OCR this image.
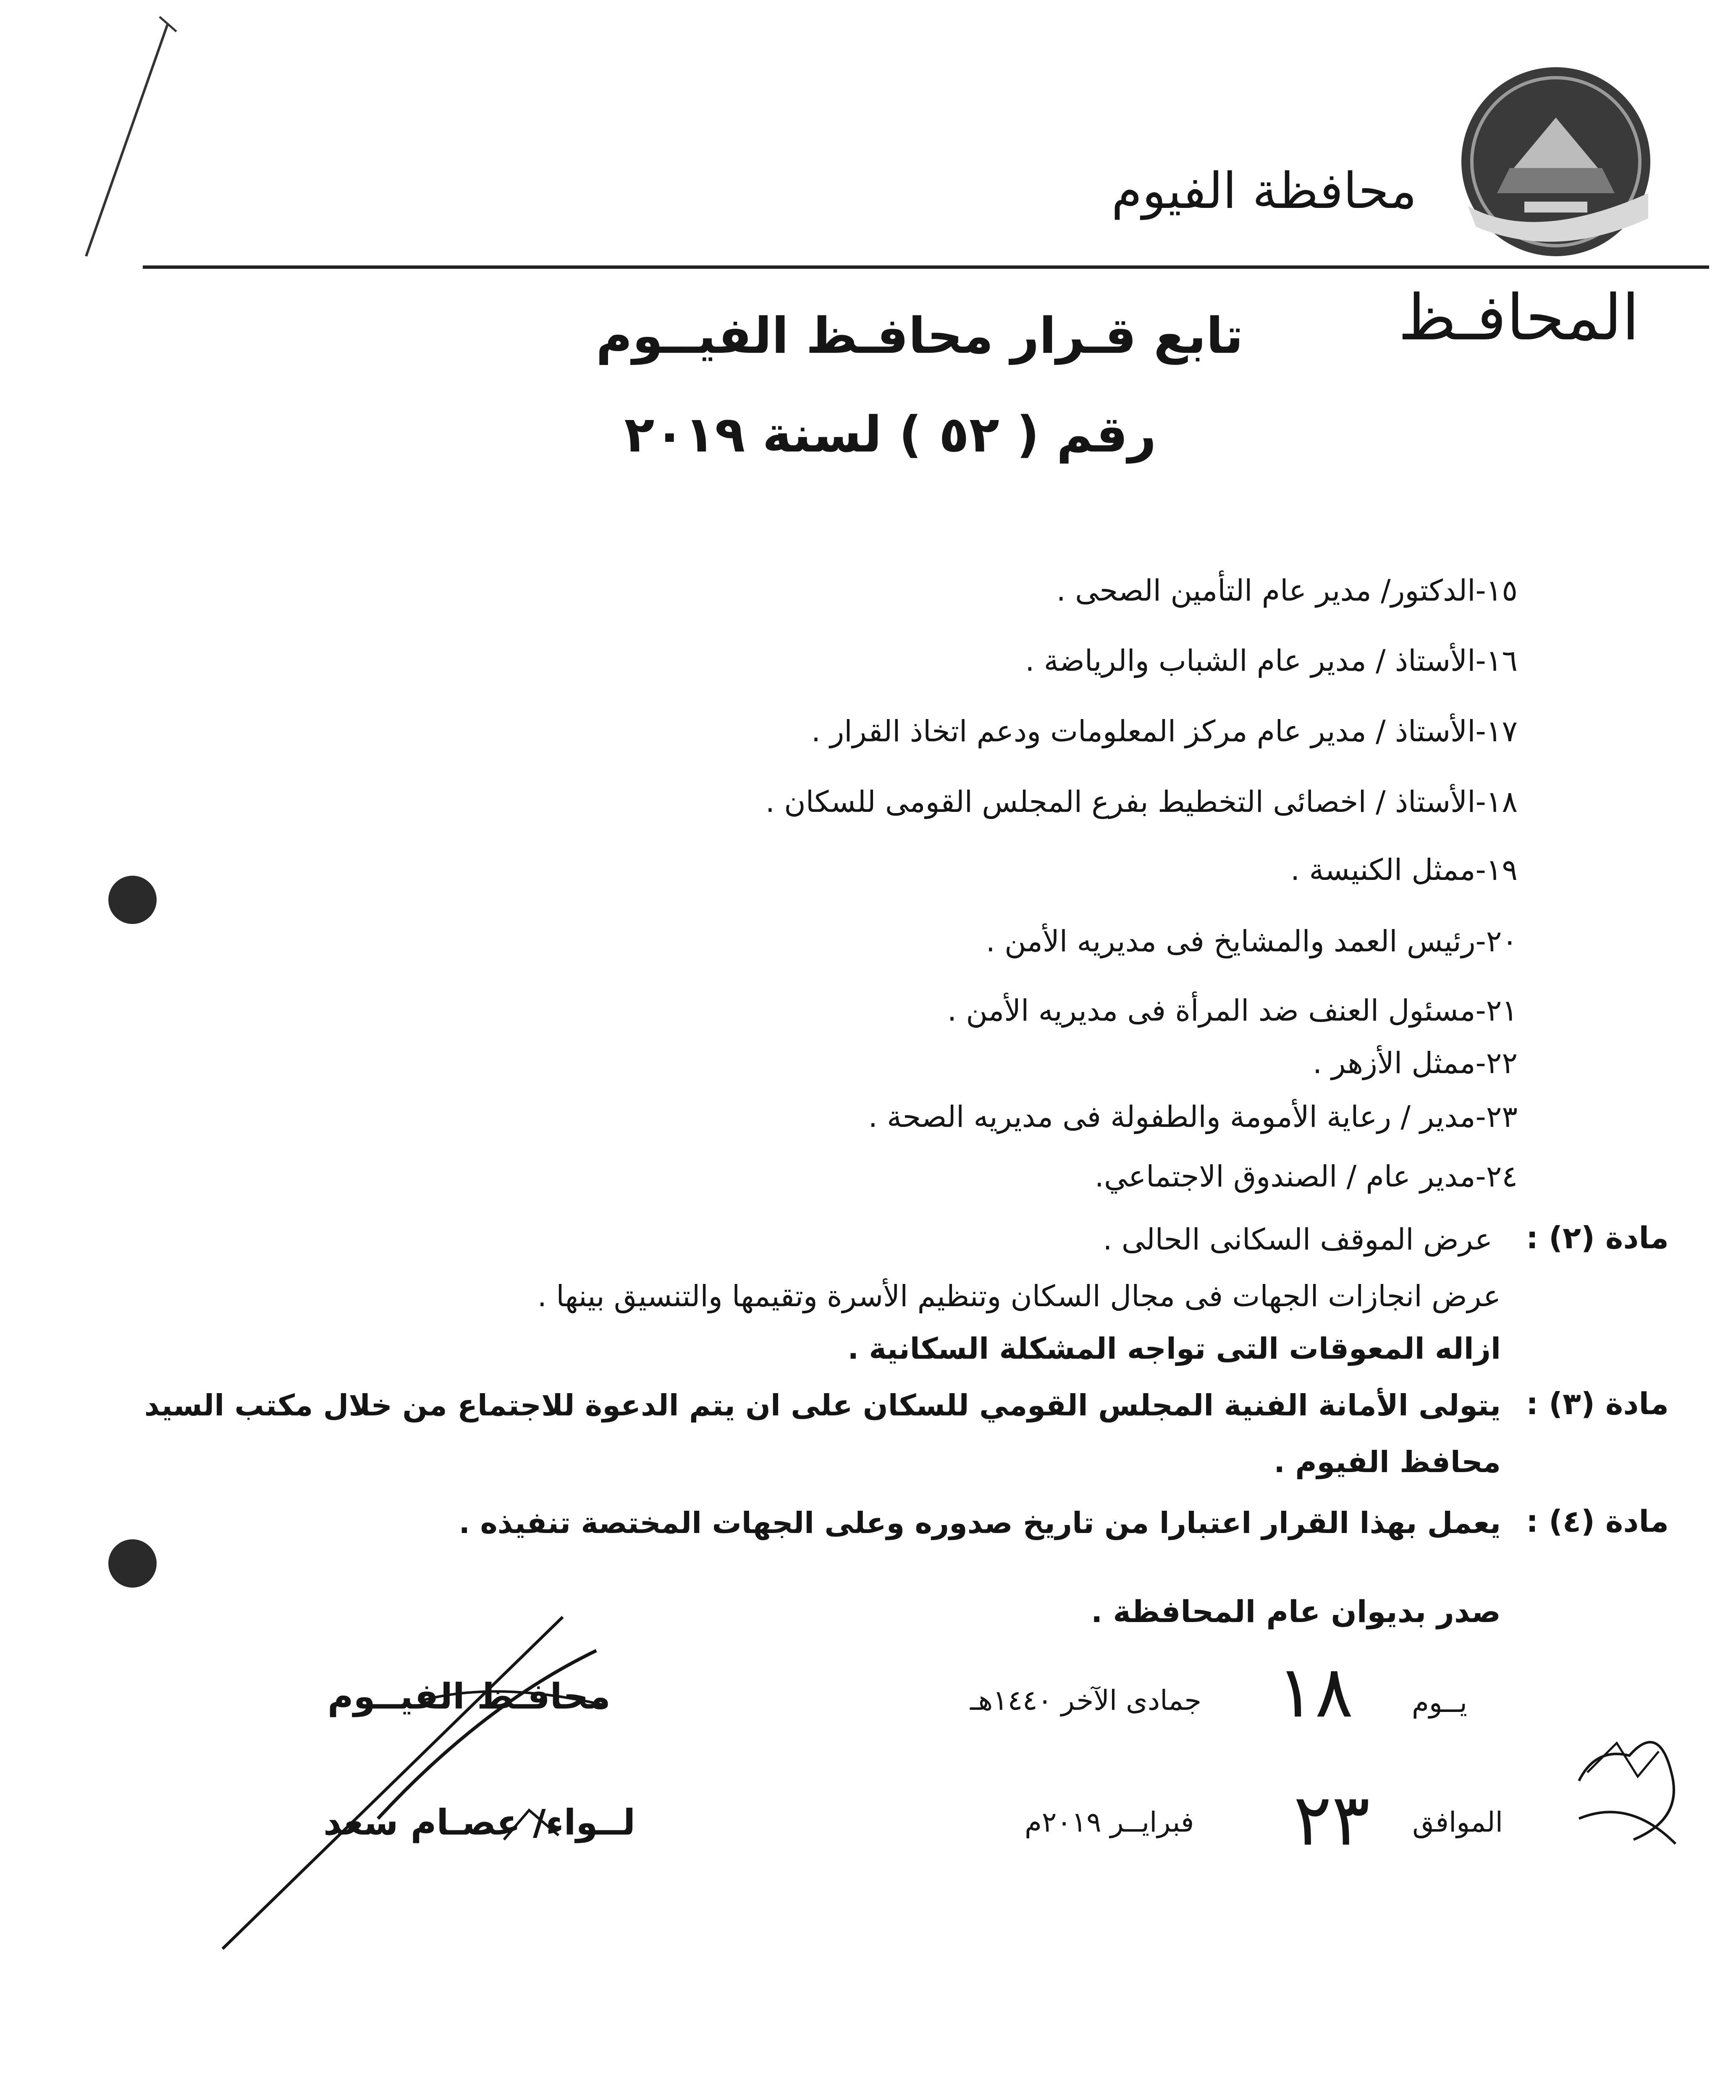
محافظة الفيوم
المحافـظ
تابع قـرار محافـظ الفيــوم
رقم ( ٥٢ ) لسنة ٢٠١٩
١٥-الدكتور/ مدير عام التأمين الصحى .
١٦-الأستاذ / مدير عام الشباب والرياضة .
١٧-الأستاذ / مدير عام مركز المعلومات ودعم اتخاذ القرار .
١٨-الأستاذ / اخصائى التخطيط بفرع المجلس القومى للسكان .
١٩-ممثل الكنيسة .
٢٠-رئيس العمد والمشايخ فى مديريه الأمن .
٢١-مسئول العنف ضد المرأة فى مديريه الأمن .
٢٢-ممثل الأزهر .
٢٣-مدير / رعاية الأمومة والطفولة فى مديريه الصحة .
٢٤-مدير عام / الصندوق الاجتماعي.
مادة (٢) :
عرض الموقف السكانى الحالى .
عرض انجازات الجهات فى مجال السكان وتنظيم الأسرة وتقيمها والتنسيق بينها .
ازاله المعوقات التى تواجه المشكلة السكانية .
مادة (٣) :
يتولى الأمانة الفنية المجلس القومي للسكان على ان يتم الدعوة للاجتماع من خلال مكتب السيد
محافظ الفيوم .
مادة (٤) :
يعمل بهذا القرار اعتبارا من تاريخ صدوره وعلى الجهات المختصة تنفيذه .
صدر بديوان عام المحافظة .
يــوم
١٨
جمادى الآخر ١٤٤٠هـ
الموافق
٢٣
فبرايــر ٢٠١٩م
محافـظ الفيــوم
لــواء/ عصـام سعد
